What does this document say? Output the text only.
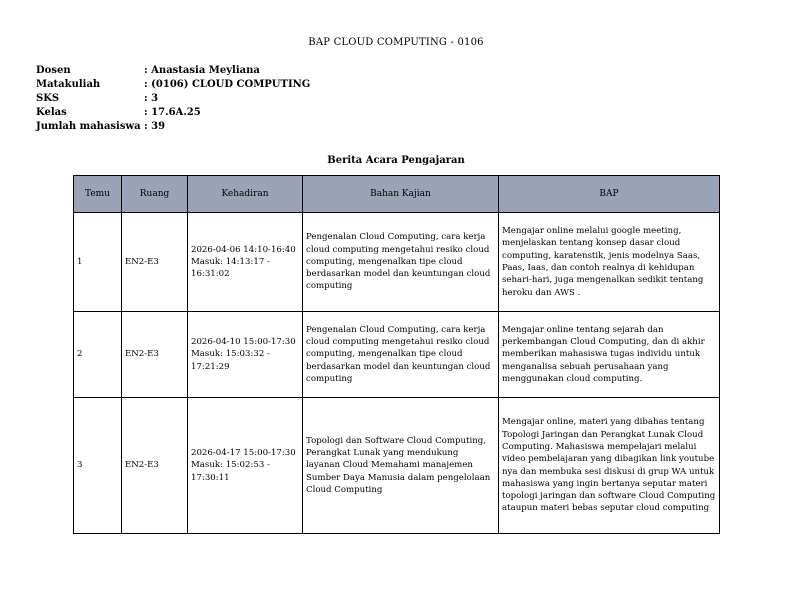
BAP CLOUD COMPUTING - 0106
Dosen	: Anastasia Meyliana
Matakuliah	: (0106) CLOUD COMPUTING
SKS	: 3
Kelas	: 17.6A.25
Jumlah mahasiswa : 39
Berita Acara Pengajaran
Temu	Ruang	Kehadiran	Bahan Kajian	BAP
1	EN2-E3	2026-04-06 14:10-16:40 Masuk: 14:13:17 - 16:31:02	Pengenalan Cloud Computing, cara kerja cloud computing mengetahui resiko cloud computing, mengenalkan tipe cloud berdasarkan model dan keuntungan cloud computing	Mengajar online melalui google meeting, menjelaskan tentang konsep dasar cloud computing, karatenstik, jenis modelnya Saas, Paas, Iaas, dan contoh realnya di kehidupan sehari-hari, juga mengenalkan sedikit tentang heroku dan AWS .
2	EN2-E3	2026-04-10 15:00-17:30 Masuk: 15:03:32 - 17:21:29	Pengenalan Cloud Computing, cara kerja cloud computing mengetahui resiko cloud computing, mengenalkan tipe cloud berdasarkan model dan keuntungan cloud computing	Mengajar online tentang sejarah dan perkembangan Cloud Computing, dan di akhir memberikan mahasiswa tugas individu untuk menganalisa sebuah perusahaan yang menggunakan cloud computing.
3	EN2-E3	2026-04-17 15:00-17:30 Masuk: 15:02:53 - 17:30:11	Topologi dan Software Cloud Computing, Perangkat Lunak yang mendukung layanan Cloud Memahami manajemen Sumber Daya Manusia dalam pengelolaan Cloud Computing	Mengajar online, materi yang dibahas tentang Topologi Jaringan dan Perangkat Lunak Cloud Computing. Mahasiswa mempelajari melalui video pembelajaran yang dibagikan link youtube nya dan membuka sesi diskusi di grup WA untuk mahasiswa yang ingin bertanya seputar materi topologi jaringan dan software Cloud Computing ataupun materi bebas seputar cloud computing
